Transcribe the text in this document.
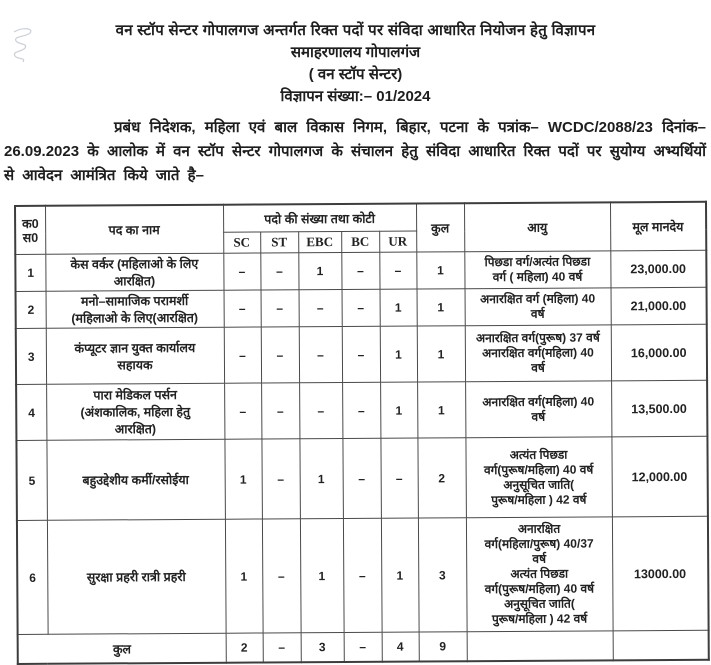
वन स्टॉप सेन्टर गोपालगज अन्तर्गत रिक्त पदों पर संविदा आधारित नियोजन हेतु विज्ञापन
समाहरणालय गोपालगंज
( वन स्टॉप सेन्टर)
विज्ञापन संख्या:– 01/2024
प्रबंध निदेशक, महिला एवं बाल विकास निगम, बिहार, पटना के पत्रांक– WCDC/2088/23 दिनांक–26.09.2023 के आलोक में वन स्टॉप सेन्टर गोपालगज के संचालन हेतु संविदा आधारित रिक्त पदों पर सुयोग्य अभ्यर्थियों से आवेदन आमंत्रित किये जाते है–
क0
स0	पद का नाम	पदो की संख्या तथा कोटी					कुल	आयु	मूल मानदेय
		SC	ST	EBC	BC	UR			
1	केस वर्कर (महिलाओ के लिए
आरक्षित)	–	–	1	–	–	1	पिछडा वर्ग/अत्यंत पिछडा
वर्ग ( महिला) 40 वर्ष	23,000.00
2	मनो–सामाजिक परामर्शी
(महिलाओ के लिए(आरक्षित)	–	–	–	–	1	1	अनारक्षित वर्ग (महिला) 40
वर्ष	21,000.00
3	कंप्यूटर ज्ञान युक्त कार्यालय
सहायक	–	–	–	–	1	1	अनारक्षित वर्ग(पुरूष) 37 वर्ष
अनारक्षित वर्ग(महिला) 40
वर्ष	16,000.00
4	पारा मेडिकल पर्सन
(अंशकालिक, महिला हेतु
आरक्षित)	–	–	–	–	1	1	अनारक्षित वर्ग(महिला) 40
वर्ष	13,500.00
5	बहुउद्देशीय कर्मी/रसोईया	1	–	1	–	–	2	अत्यंत पिछडा
वर्ग(पुरूष/महिला) 40 वर्ष
अनुसूचित जाति(
पुरूष/महिला ) 42 वर्ष	12,000.00
6	सुरक्षा प्रहरी रात्री प्रहरी	1	–	1	–	1	3	अनारक्षित
वर्ग(महिला/पुरूष) 40/37
वर्ष
अत्यंत पिछडा
वर्ग(पुरूष/महिला) 40 वर्ष
अनुसूचित जाति(
पुरूष/महिला ) 42 वर्ष	13000.00
कुल		2	–	3	–	4	9		
